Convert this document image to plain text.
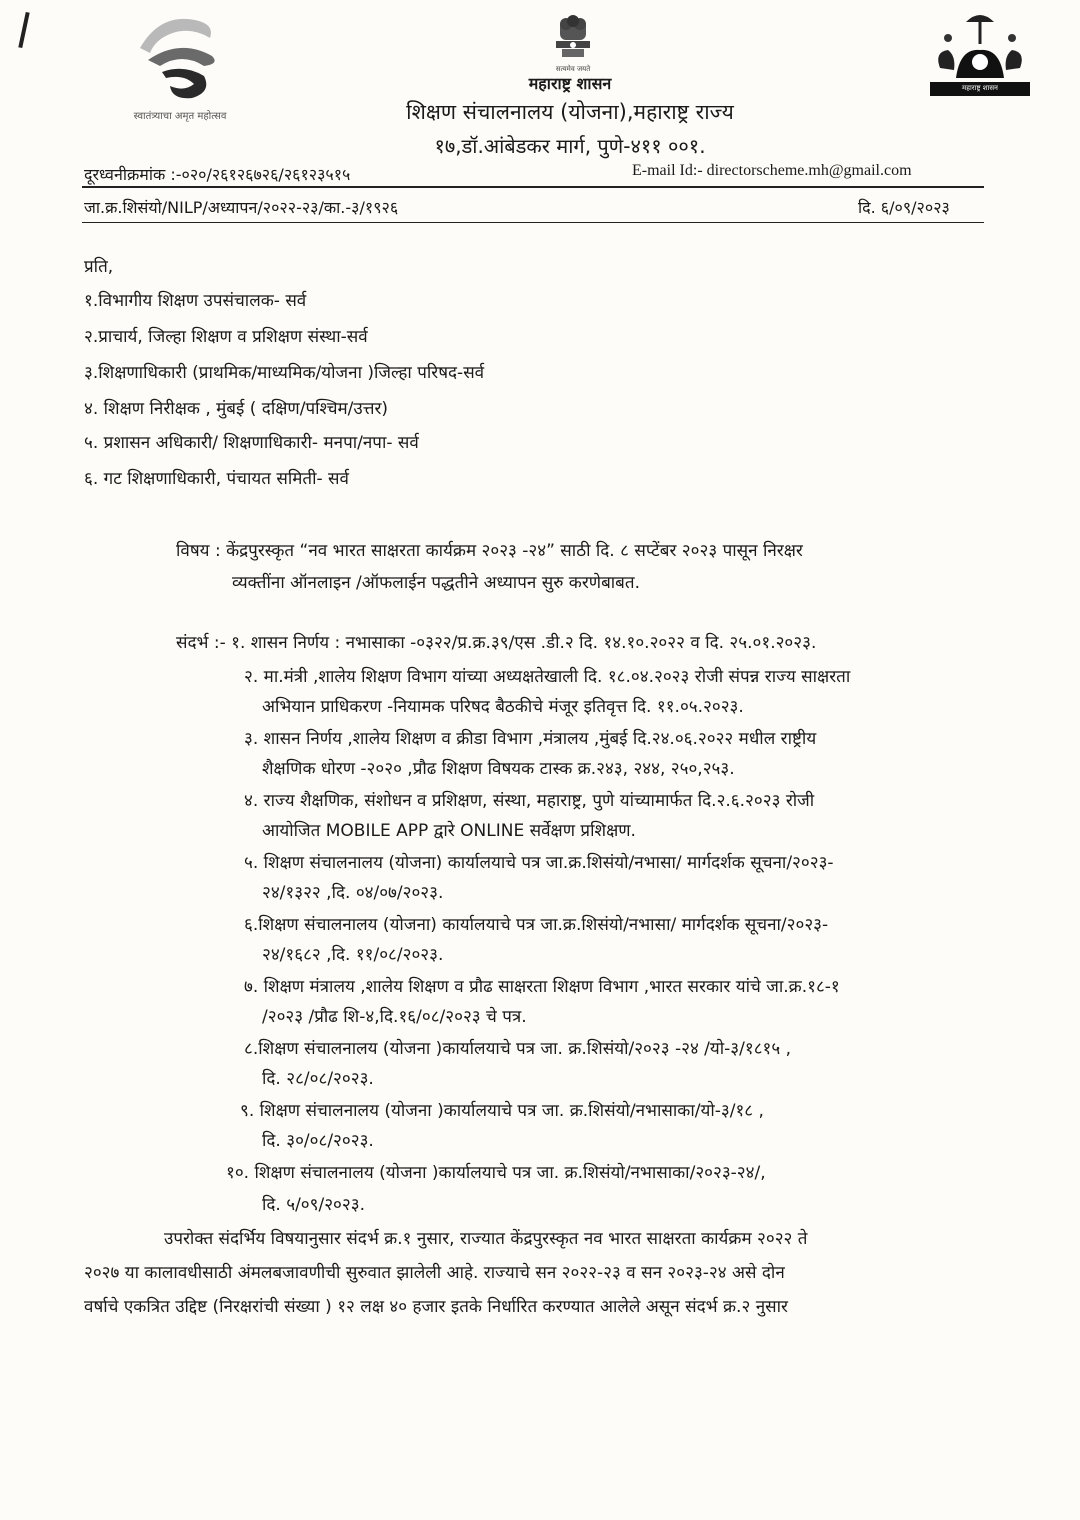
स्वातंत्र्याचा अमृत महोत्सव
सत्यमेव जयते
महाराष्ट्र शासन
महाराष्ट्र शासन
शिक्षण संचालनालय (योजना),महाराष्ट्र राज्य
१७,डॉ.आंबेडकर मार्ग, पुणे-४११ ००१.
दूरध्वनीक्रमांक :-०२०/२६१२६७२६/२६१२३५१५	E-mail Id:- directorscheme.mh@gmail.com
जा.क्र.शिसंयो/NILP/अध्यापन/२०२२-२३/का.-३/१९२६	दि. ६/०९/२०२३
प्रति,
१.विभागीय शिक्षण उपसंचालक- सर्व
२.प्राचार्य, जिल्हा शिक्षण व प्रशिक्षण संस्था-सर्व
३.शिक्षणाधिकारी (प्राथमिक/माध्यमिक/योजना )जिल्हा परिषद-सर्व
४. शिक्षण निरीक्षक , मुंबई ( दक्षिण/पश्चिम/उत्तर)
५. प्रशासन अधिकारी/ शिक्षणाधिकारी- मनपा/नपा- सर्व
६. गट शिक्षणाधिकारी, पंचायत समिती- सर्व
विषय : केंद्रपुरस्कृत “नव भारत साक्षरता कार्यक्रम २०२३ -२४” साठी दि. ८ सप्टेंबर २०२३ पासून निरक्षर
व्यक्तींना ऑनलाइन /ऑफलाईन पद्धतीने अध्यापन सुरु करणेबाबत.
संदर्भ :- १. शासन निर्णय : नभासाका -०३२२/प्र.क्र.३९/एस .डी.२ दि. १४.१०.२०२२ व दि. २५.०१.२०२३.
२. मा.मंत्री ,शालेय शिक्षण विभाग यांच्या अध्यक्षतेखाली दि. १८.०४.२०२३ रोजी संपन्न राज्य साक्षरता
अभियान प्राधिकरण -नियामक परिषद बैठकीचे मंजूर इतिवृत्त दि. ११.०५.२०२३.
३. शासन निर्णय ,शालेय शिक्षण व क्रीडा विभाग ,मंत्रालय ,मुंबई दि.२४.०६.२०२२ मधील राष्ट्रीय
शैक्षणिक धोरण -२०२० ,प्रौढ शिक्षण विषयक टास्क क्र.२४३, २४४, २५०,२५३.
४. राज्य शैक्षणिक, संशोधन व प्रशिक्षण, संस्था, महाराष्ट्र, पुणे यांच्यामार्फत दि.२.६.२०२३ रोजी
आयोजित MOBILE APP द्वारे ONLINE सर्वेक्षण प्रशिक्षण.
५. शिक्षण संचालनालय (योजना) कार्यालयाचे पत्र जा.क्र.शिसंयो/नभासा/ मार्गदर्शक सूचना/२०२३-
२४/१३२२ ,दि. ०४/०७/२०२३.
६.शिक्षण संचालनालय (योजना) कार्यालयाचे पत्र जा.क्र.शिसंयो/नभासा/ मार्गदर्शक सूचना/२०२३-
२४/१६८२ ,दि. ११/०८/२०२३.
७. शिक्षण मंत्रालय ,शालेय शिक्षण व प्रौढ साक्षरता शिक्षण विभाग ,भारत सरकार यांचे जा.क्र.१८-१
/२०२३ /प्रौढ शि-४,दि.१६/०८/२०२३ चे पत्र.
८.शिक्षण संचालनालय (योजना )कार्यालयाचे पत्र जा. क्र.शिसंयो/२०२३ -२४ /यो-३/१८१५ ,
दि. २८/०८/२०२३.
९. शिक्षण संचालनालय (योजना )कार्यालयाचे पत्र जा. क्र.शिसंयो/नभासाका/यो-३/१८ ,
दि. ३०/०८/२०२३.
१०. शिक्षण संचालनालय (योजना )कार्यालयाचे पत्र जा. क्र.शिसंयो/नभासाका/२०२३-२४/,
दि. ५/०९/२०२३.
उपरोक्त संदर्भिय विषयानुसार संदर्भ क्र.१ नुसार, राज्यात केंद्रपुरस्कृत नव भारत साक्षरता कार्यक्रम २०२२ ते
२०२७ या कालावधीसाठी अंमलबजावणीची सुरुवात झालेली आहे. राज्याचे सन २०२२-२३ व सन २०२३-२४ असे दोन
वर्षाचे एकत्रित उद्दिष्ट (निरक्षरांची संख्या ) १२ लक्ष ४० हजार इतके निर्धारित करण्यात आलेले असून संदर्भ क्र.२ नुसार
